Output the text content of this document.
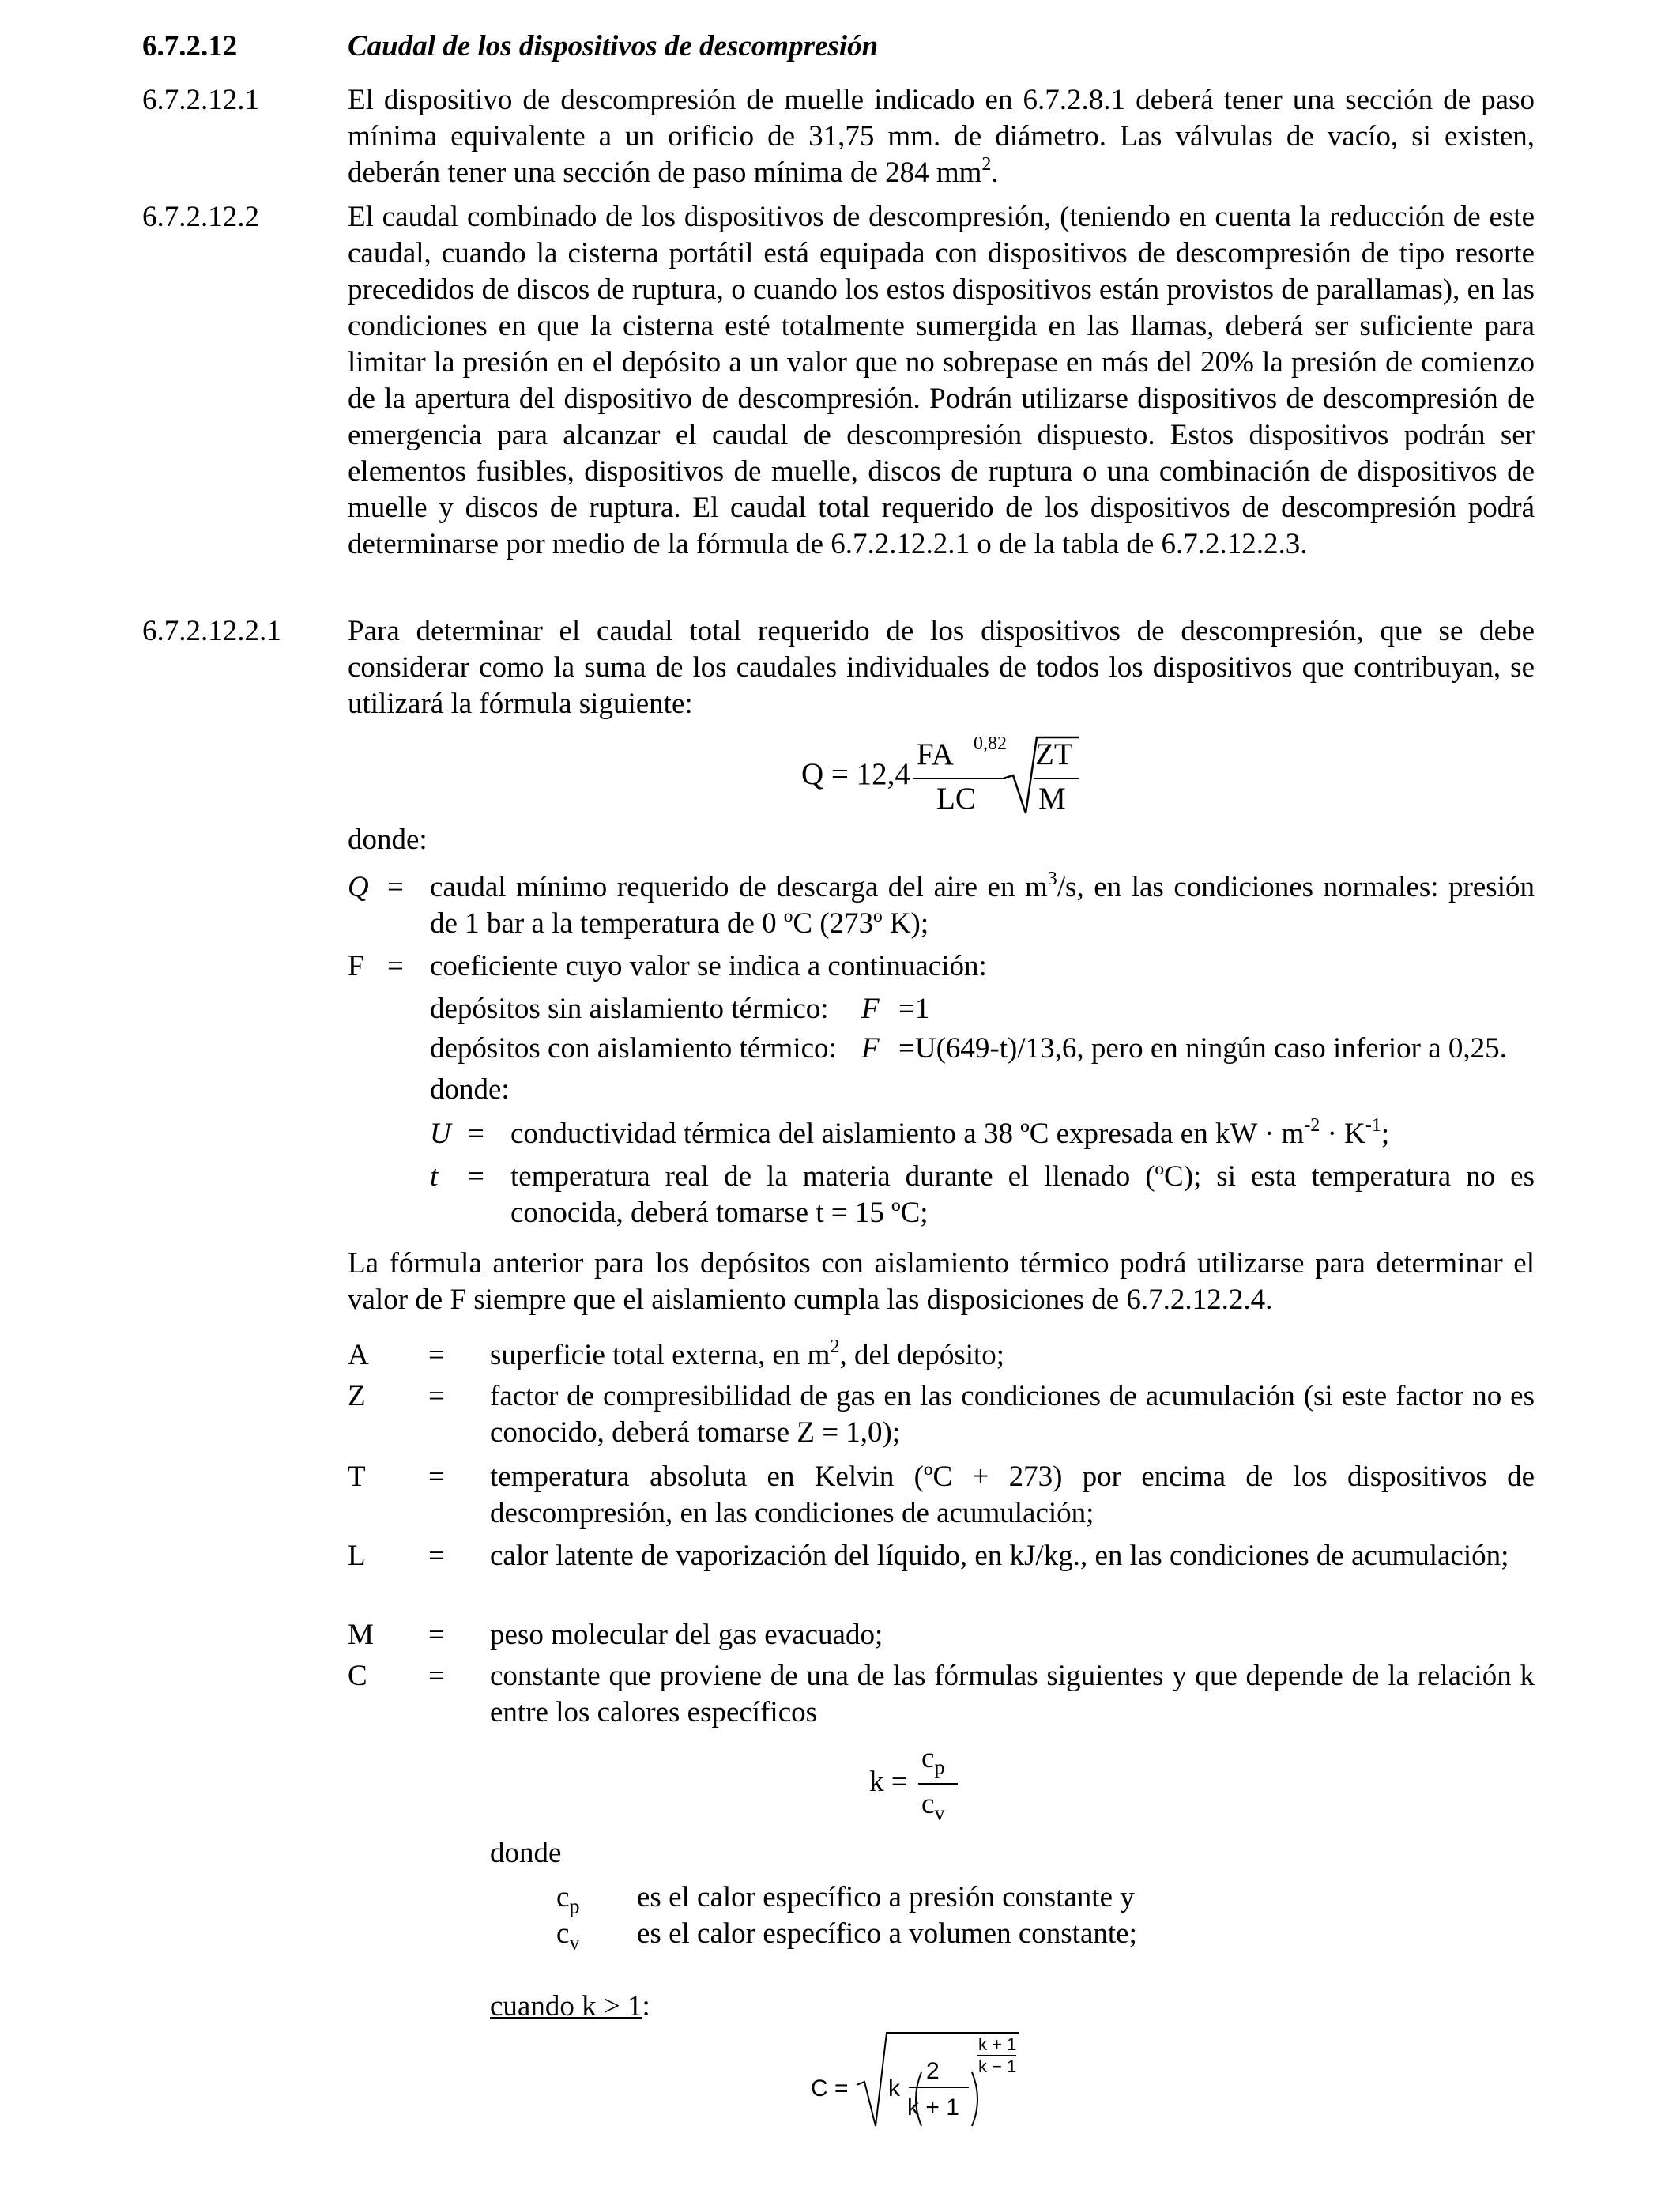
6.7.2.12	Caudal de los dispositivos de descompresión
6.7.2.12.1	El dispositivo de descompresión de muelle indicado en 6.7.2.8.1 deberá tener una sección de paso mínima equivalente a un orificio de 31,75 mm. de diámetro. Las válvulas de vacío, si existen, deberán tener una sección de paso mínima de 284 $mm^2$.
6.7.2.12.2	El caudal combinado de los dispositivos de descompresión, (teniendo en cuenta la reducción de este caudal, cuando la cisterna portátil está equipada con dispositivos de descompresión de tipo resorte precedidos de discos de ruptura, o cuando los estos dispositivos están provistos de parallamas), en las condiciones en que la cisterna esté totalmente sumergida en las llamas, deberá ser suficiente para limitar la presión en el depósito a un valor que no sobrepase en más del 20% la presión de comienzo de la apertura del dispositivo de descompresión. Podrán utilizarse dispositivos de descompresión de emergencia para alcanzar el caudal de descompresión dispuesto. Estos dispositivos podrán ser elementos fusibles, dispositivos de muelle, discos de ruptura o una combinación de dispositivos de muelle y discos de ruptura. El caudal total requerido de los dispositivos de descompresión podrá determinarse por medio de la fórmula de 6.7.2.12.2.1 o de la tabla de 6.7.2.12.2.3.
6.7.2.12.2.1 Para determinar el caudal total requerido de los dispositivos de descompresión, que se debe considerar como la suma de los caudales individuales de todos los dispositivos que contribuyan, se utilizará la fórmula siguiente:
Q = 12,4
FA 0,82
LC
ZT
M
donde:
Q = caudal mínimo requerido de descarga del aire en $m^3/s$, en las condiciones normales: presión de 1 bar a la temperatura de 0 ºC (273º K);
F = coeficiente cuyo valor se indica a continuación:
depósitos sin aislamiento térmico: F =1
depósitos con aislamiento térmico: F =U(649-t)/13,6, pero en ningún caso inferior a 0,25.
donde:
U = conductividad térmica del aislamiento a 38 ºC expresada en kW · $m^{-2} \cdot K^{-1}$;
t = temperatura real de la materia durante el llenado (ºC); si esta temperatura no es conocida, deberá tomarse t = 15 ºC;
La fórmula anterior para los depósitos con aislamiento térmico podrá utilizarse para determinar el valor de F siempre que el aislamiento cumpla las disposiciones de 6.7.2.12.2.4.
A = superficie total externa, en $m^2$, del depósito;
Z = factor de compresibilidad de gas en las condiciones de acumulación (si este factor no es conocido, deberá tomarse Z = 1,0);
T = temperatura absoluta en Kelvin (ºC + 273) por encima de los dispositivos de descompresión, en las condiciones de acumulación;
L = calor latente de vaporización del líquido, en kJ/kg., en las condiciones de acumulación;
M = peso molecular del gas evacuado;
C = constante que proviene de una de las fórmulas siguientes y que depende de la relación k entre los calores específicos
k =
$c_p$
$c_v$
donde
$c_p$ es el calor específico a presión constante y
$c_v$ es el calor específico a volumen constante;
cuando k > 1:
C = k
2
k + 1
k + 1
k − 1
